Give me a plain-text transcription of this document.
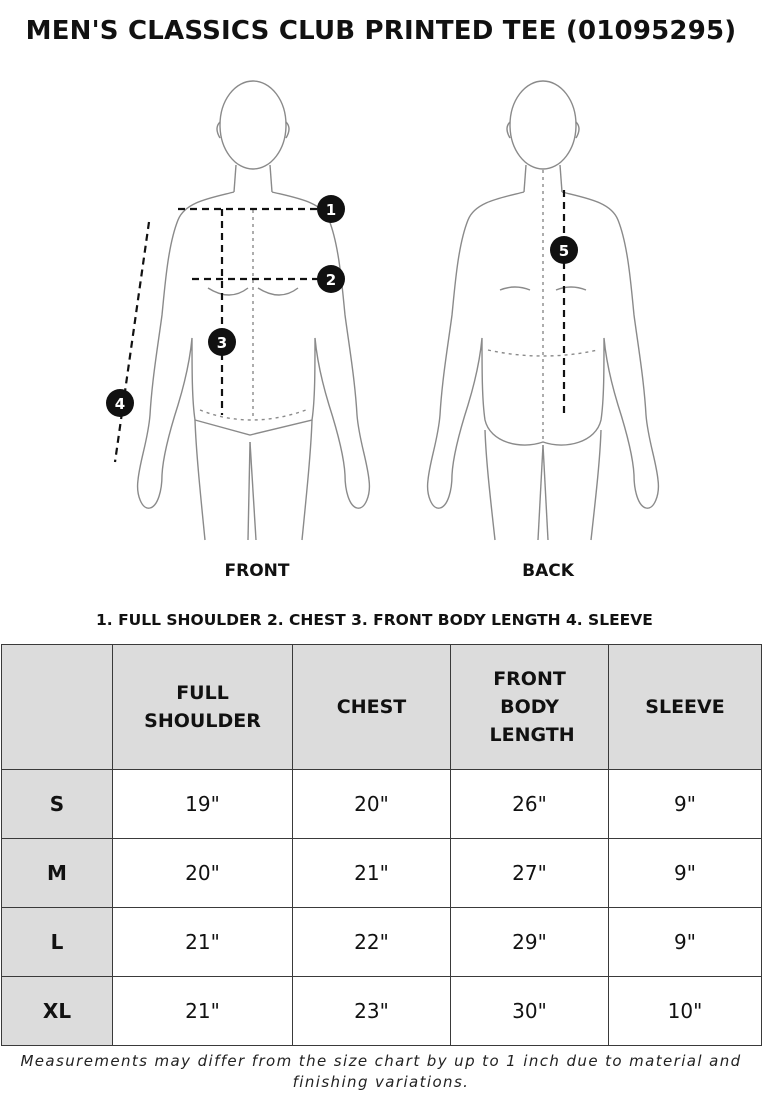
MEN'S CLASSICS CLUB PRINTED TEE (01095295)
1
2
3
4
5
FRONT	BACK
1. FULL SHOULDER 2. CHEST 3. FRONT BODY LENGTH 4. SLEEVE
	FULL SHOULDER	CHEST	FRONT BODY LENGTH	SLEEVE
S	19"	20"	26"	9"
M	20"	21"	27"	9"
L	21"	22"	29"	9"
XL	21"	23"	30"	10"
Measurements may differ from the size chart by up to 1 inch due to material and finishing variations.
